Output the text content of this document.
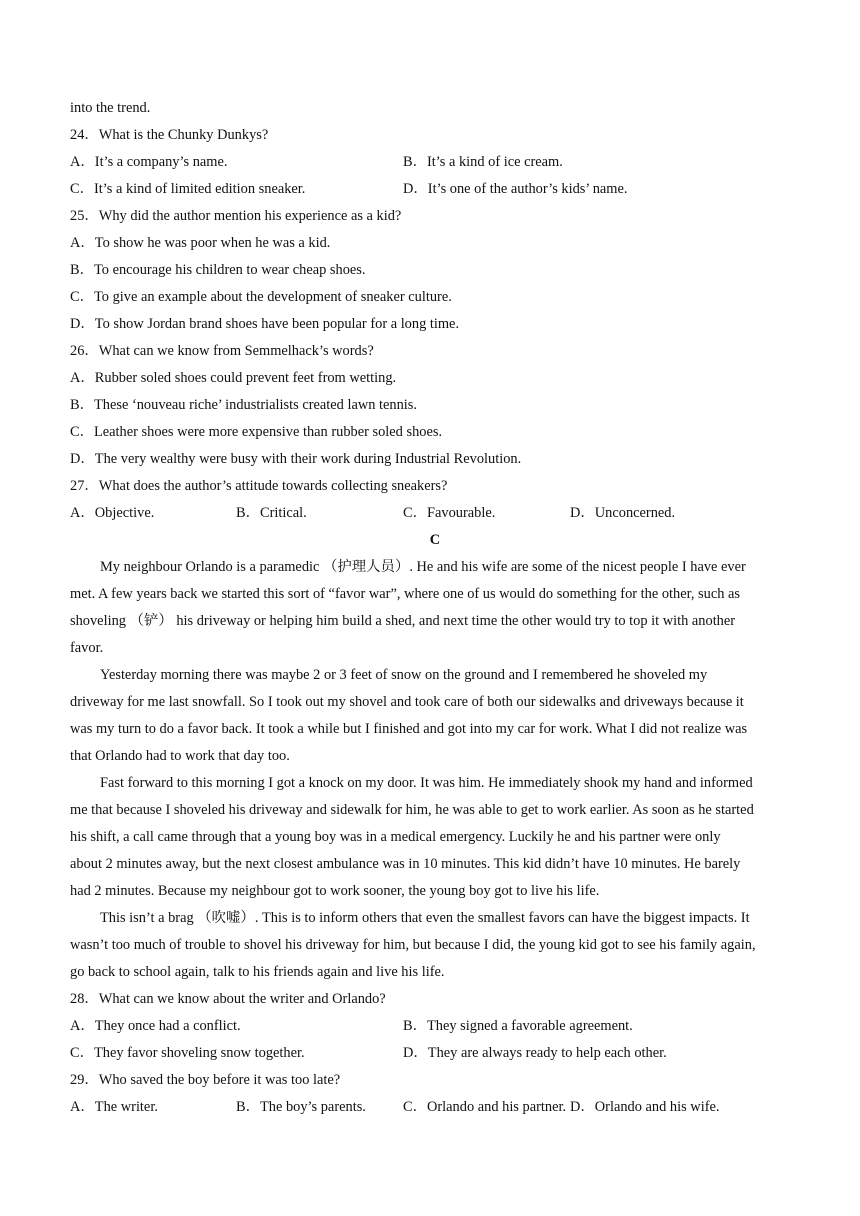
into the trend.
24．What is the Chunky Dunkys?
A．It’s a company’s name.	B．It’s a kind of ice cream.
C．It’s a kind of limited edition sneaker.	D．It’s one of the author’s kids’ name.
25．Why did the author mention his experience as a kid?
A．To show he was poor when he was a kid.
B．To encourage his children to wear cheap shoes.
C．To give an example about the development of sneaker culture.
D．To show Jordan brand shoes have been popular for a long time.
26．What can we know from Semmelhack’s words?
A．Rubber soled shoes could prevent feet from wetting.
B．These ‘nouveau riche’ industrialists created lawn tennis.
C．Leather shoes were more expensive than rubber soled shoes.
D．The very wealthy were busy with their work during Industrial Revolution.
27．What does the author’s attitude towards collecting sneakers?
A．Objective.	B．Critical.	C．Favourable.	D．Unconcerned.
C
My neighbour Orlando is a paramedic （护理人员）. He and his wife are some of the nicest people I have ever
met. A few years back we started this sort of “favor war”, where one of us would do something for the other, such as
shoveling （铲） his driveway or helping him build a shed, and next time the other would try to top it with another
favor.
Yesterday morning there was maybe 2 or 3 feet of snow on the ground and I remembered he shoveled my
driveway for me last snowfall. So I took out my shovel and took care of both our sidewalks and driveways because it
was my turn to do a favor back. It took a while but I finished and got into my car for work. What I did not realize was
that Orlando had to work that day too.
Fast forward to this morning I got a knock on my door. It was him. He immediately shook my hand and informed
me that because I shoveled his driveway and sidewalk for him, he was able to get to work earlier. As soon as he started
his shift, a call came through that a young boy was in a medical emergency. Luckily he and his partner were only
about 2 minutes away, but the next closest ambulance was in 10 minutes. This kid didn’t have 10 minutes. He barely
had 2 minutes. Because my neighbour got to work sooner, the young boy got to live his life.
This isn’t a brag （吹嘘）. This is to inform others that even the smallest favors can have the biggest impacts. It
wasn’t too much of trouble to shovel his driveway for him, but because I did, the young kid got to see his family again,
go back to school again, talk to his friends again and live his life.
28．What can we know about the writer and Orlando?
A．They once had a conflict.	B．They signed a favorable agreement.
C．They favor shoveling snow together.	D．They are always ready to help each other.
29．Who saved the boy before it was too late?
A．The writer.	B．The boy’s parents.	C．Orlando and his partner. D．Orlando and his wife.
